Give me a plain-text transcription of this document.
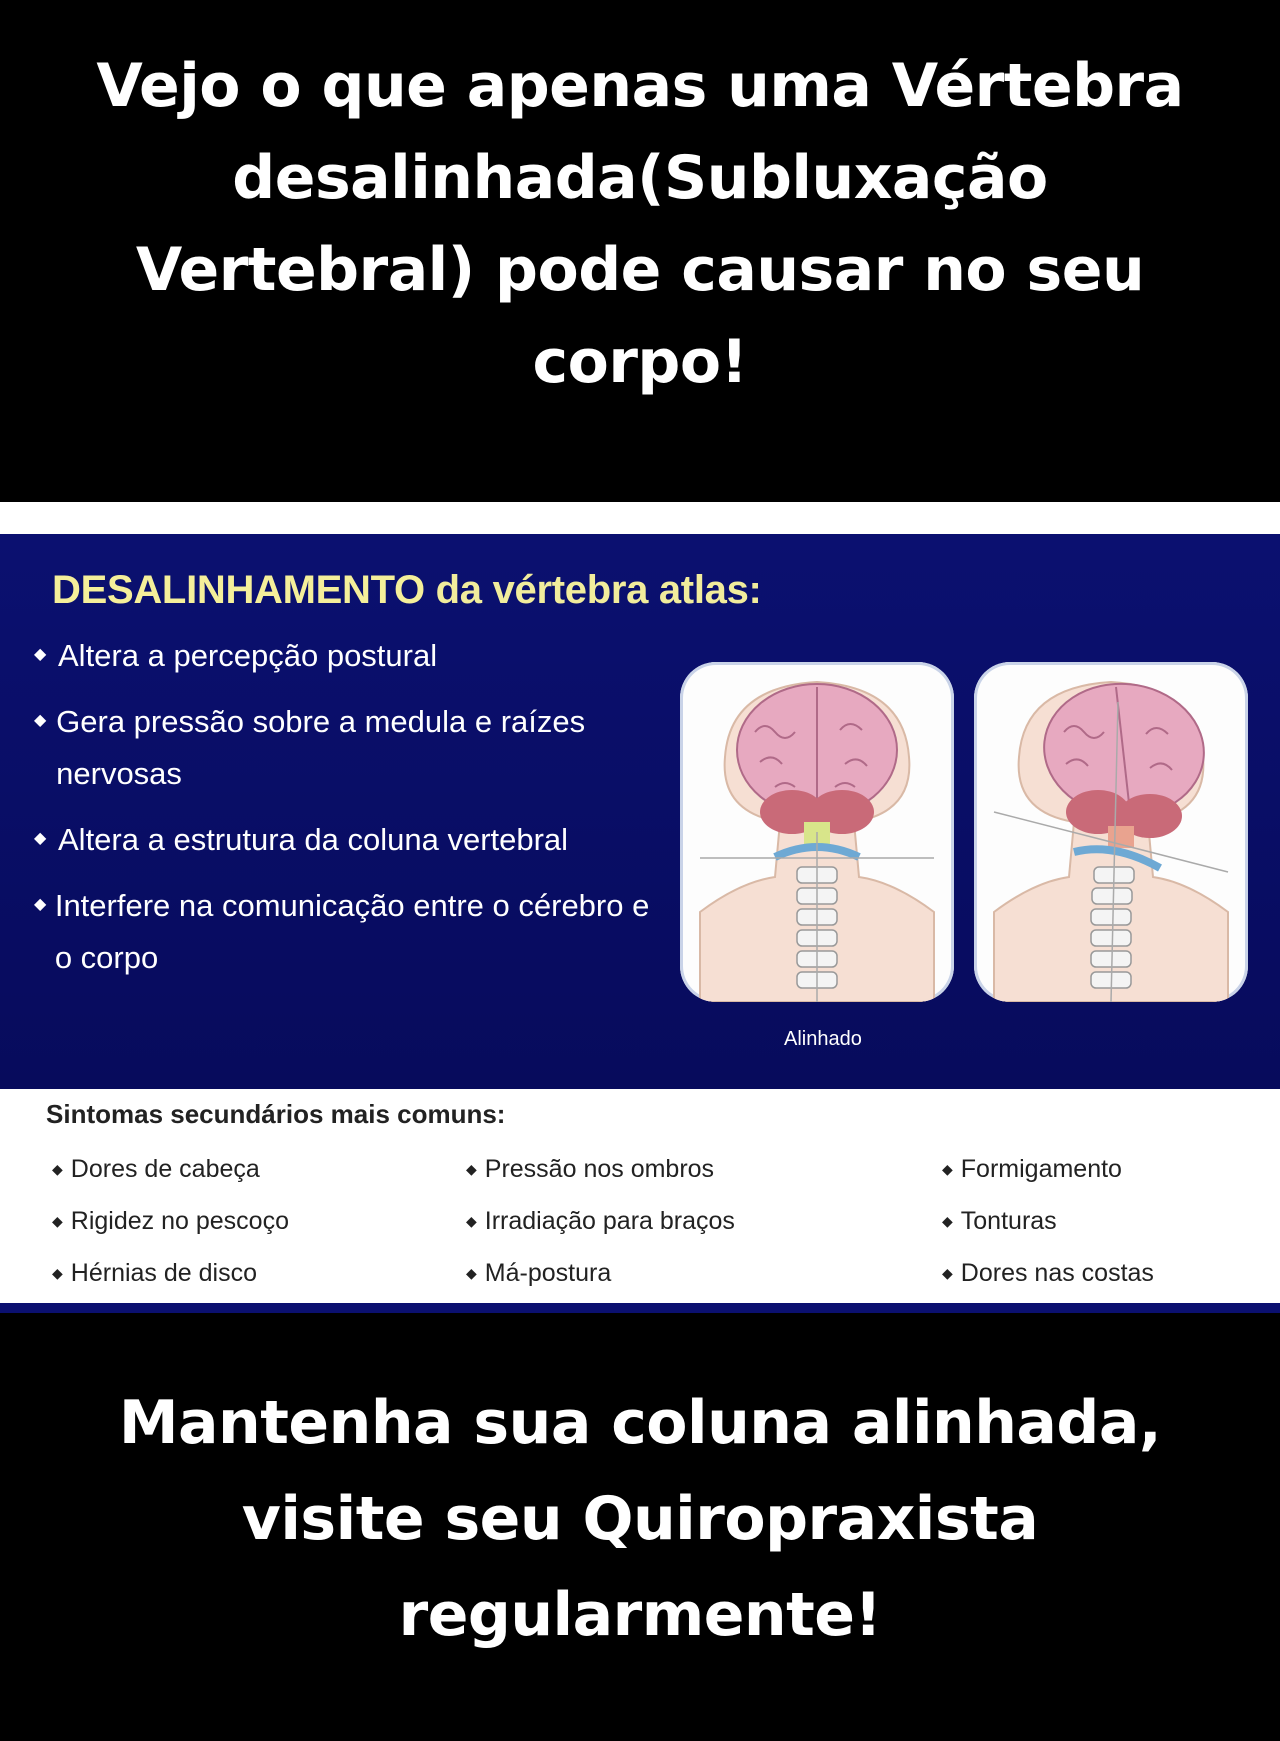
Vejo o que apenas uma Vértebra desalinhada(Subluxação Vertebral) pode causar no seu corpo!
DESALINHAMENTO da vértebra atlas:
◆ Altera a percepção postural
◆ Gera pressão sobre a medula e raízes nervosas
◆ Altera a estrutura da coluna vertebral
◆ Interfere na comunicação entre o cérebro e o corpo
Alinhado
Sintomas secundários mais comuns:
◆ Dores de cabeça
◆ Rigidez no pescoço
◆ Hérnias de disco
◆ Pressão nos ombros
◆ Irradiação para braços
◆ Má-postura
◆ Formigamento
◆ Tonturas
◆ Dores nas costas
Mantenha sua coluna alinhada, visite seu Quiropraxista regularmente!
